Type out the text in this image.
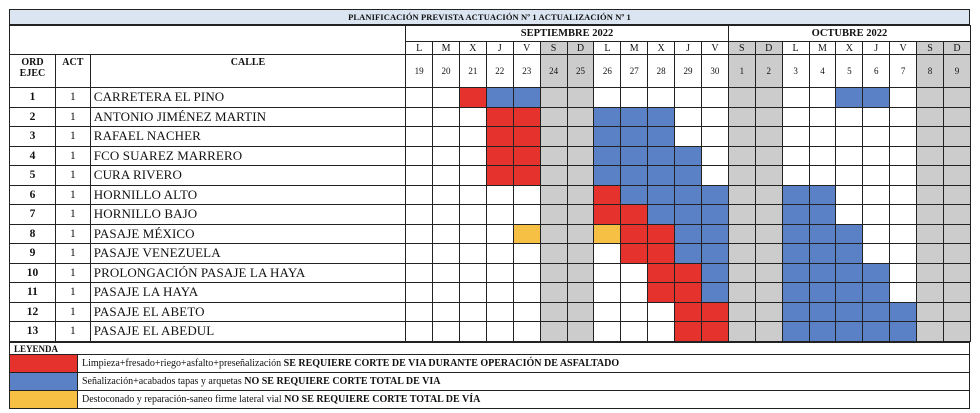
PLANIFICACIÓN PREVISTA ACTUACIÓN Nº 1 ACTUALIZACIÓN Nº 1
			SEPTIEMBRE 2022												OCTUBRE 2022								
			L	M	X	J	V	S	D	L	M	X	J	V	S	D	L	M	X	J	V	S	D
ORD EJEC	ACT	CALLE	19	20	21	22	23	24	25	26	27	28	29	30	1	2	3	4	5	6	7	8	9
1	1	CARRETERA EL PINO																					
2	1	ANTONIO JIMÉNEZ MARTIN																					
3	1	RAFAEL NACHER																					
4	1	FCO SUAREZ MARRERO																					
5	1	CURA RIVERO																					
6	1	HORNILLO ALTO																					
7	1	HORNILLO BAJO																					
8	1	PASAJE MÉXICO																					
9	1	PASAJE VENEZUELA																					
10	1	PROLONGACIÓN PASAJE LA HAYA																					
11	1	PASAJE LA HAYA																					
12	1	PASAJE EL ABETO																					
13	1	PASAJE EL ABEDUL																					
LEYENDA
Limpieza+fresado+riego+asfalto+preseñalización SE REQUIERE CORTE DE VIA DURANTE OPERACIÓN DE ASFALTADO
Señalización+acabados tapas y arquetas NO SE REQUIERE CORTE TOTAL DE VIA
Destoconado y reparación-saneo firme lateral vial NO SE REQUIERE CORTE TOTAL DE VÍA
